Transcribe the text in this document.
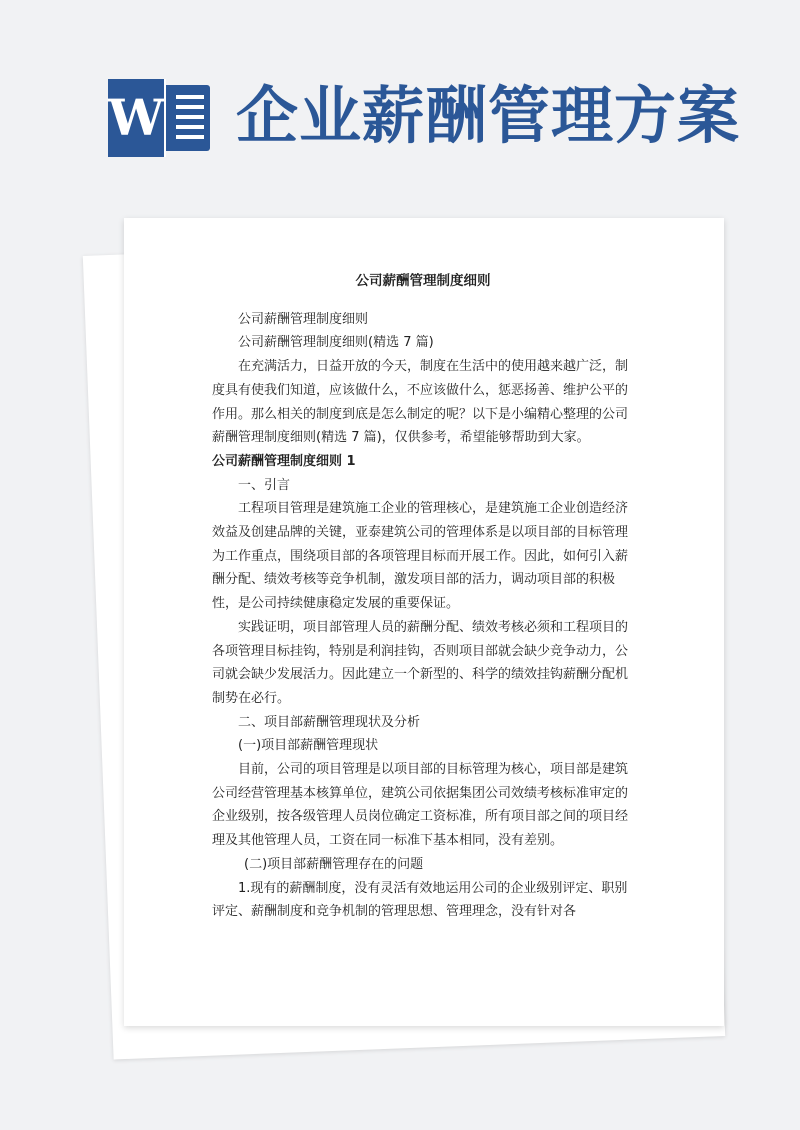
W 企业薪酬管理方案
公司薪酬管理制度细则

公司薪酬管理制度细则

公司薪酬管理制度细则(精选 7 篇)

在充满活力，日益开放的今天，制度在生活中的使用越来越广泛，制度具有使我们知道，应该做什么，不应该做什么，惩恶扬善、维护公平的作用。那么相关的制度到底是怎么制定的呢？以下是小编精心整理的公司薪酬管理制度细则(精选 7 篇)，仅供参考，希望能够帮助到大家。

公司薪酬管理制度细则 1

一、引言

工程项目管理是建筑施工企业的管理核心，是建筑施工企业创造经济效益及创建品牌的关键，亚泰建筑公司的管理体系是以项目部的目标管理为工作重点，围绕项目部的各项管理目标而开展工作。因此，如何引入薪酬分配、绩效考核等竞争机制，激发项目部的活力，调动项目部的积极性，是公司持续健康稳定发展的重要保证。

实践证明，项目部管理人员的薪酬分配、绩效考核必须和工程项目的各项管理目标挂钩，特别是利润挂钩，否则项目部就会缺少竞争动力，公司就会缺少发展活力。因此建立一个新型的、科学的绩效挂钩薪酬分配机制势在必行。

二、项目部薪酬管理现状及分析

(一)项目部薪酬管理现状

目前，公司的项目管理是以项目部的目标管理为核心，项目部是建筑公司经营管理基本核算单位，建筑公司依据集团公司效绩考核标准审定的企业级别，按各级管理人员岗位确定工资标准，所有项目部之间的项目经理及其他管理人员，工资在同一标准下基本相同，没有差别。

(二)项目部薪酬管理存在的问题

1.现有的薪酬制度，没有灵活有效地运用公司的企业级别评定、职别评定、薪酬制度和竞争机制的管理思想、管理理念，没有针对各
